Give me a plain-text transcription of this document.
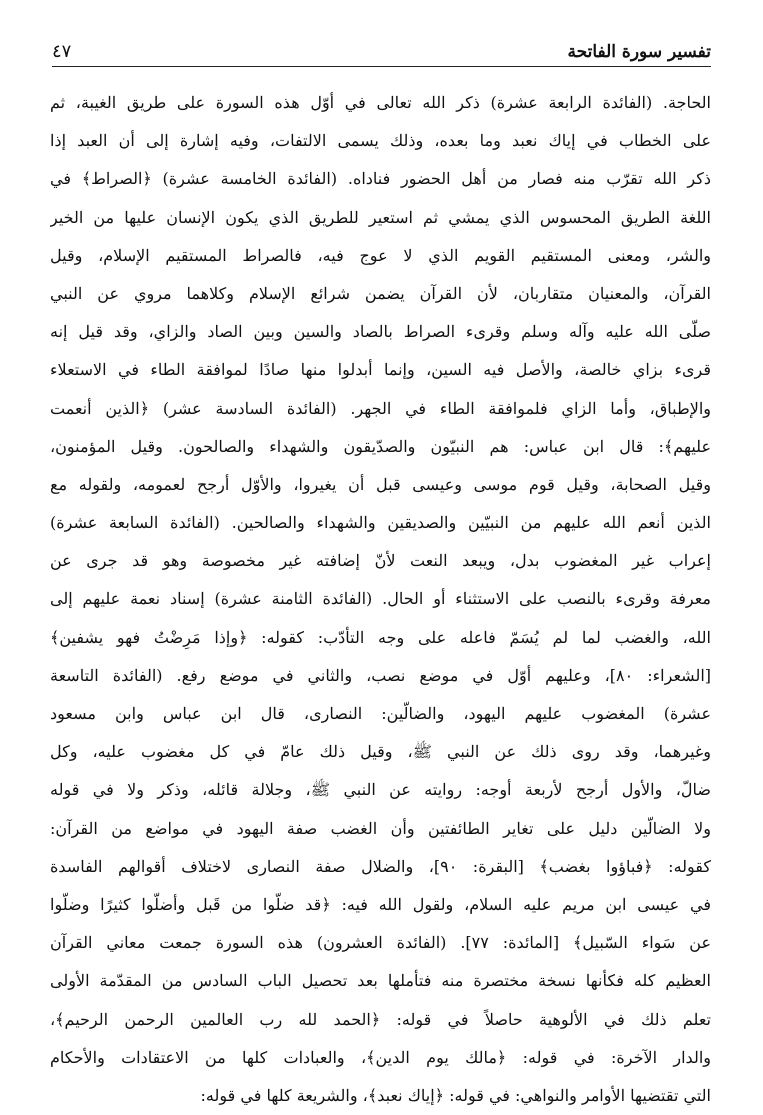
تفسير سورة الفاتحة
٤٧
الحاجة. (الفائدة الرابعة عشرة) ذكر الله تعالى في أوّل هذه السورة على طريق الغيبة، ثم
على الخطاب في إياك نعبد وما بعده، وذلك يسمى الالتفات، وفيه إشارة إلى أن العبد إذا
ذكر الله تقرّب منه فصار من أهل الحضور فناداه. (الفائدة الخامسة عشرة) ﴿الصراط﴾ في
اللغة الطريق المحسوس الذي يمشي ثم استعير للطريق الذي يكون الإنسان عليها من الخير
والشر، ومعنى المستقيم القويم الذي لا عوج فيه، فالصراط المستقيم الإسلام، وقيل
القرآن، والمعنيان متقاربان، لأن القرآن يضمن شرائع الإسلام وكلاهما مروي عن النبي
صلّى الله عليه وآله وسلم وقرىء الصراط بالصاد والسين وبين الصاد والزاي، وقد قيل إنه
قرىء بزاي خالصة، والأصل فيه السين، وإنما أبدلوا منها صادًا لموافقة الطاء في الاستعلاء
والإطباق، وأما الزاي فلموافقة الطاء في الجهر. (الفائدة السادسة عشر) ﴿الذين أنعمت
عليهم﴾: قال ابن عباس: هم النبيّون والصدّيقون والشهداء والصالحون. وقيل المؤمنون،
وقيل الصحابة، وقيل قوم موسى وعيسى قبل أن يغيروا، والأوّل أرجح لعمومه، ولقوله مع
الذين أنعم الله عليهم من النبيّين والصديقين والشهداء والصالحين. (الفائدة السابعة عشرة)
إعراب غير المغضوب بدل، ويبعد النعت لأنّ إضافته غير مخصوصة وهو قد جرى عن
معرفة وقرىء بالنصب على الاستثناء أو الحال. (الفائدة الثامنة عشرة) إسناد نعمة عليهم إلى
الله، والغضب لما لم يُسَمّ فاعله على وجه التأدّب: كقوله: ﴿وإذا مَرِضْتُ فهو يشفين﴾
[الشعراء: ٨٠]، وعليهم أوّل في موضع نصب، والثاني في موضع رفع. (الفائدة التاسعة
عشرة) المغضوب عليهم اليهود، والضالّين: النصارى، قال ابن عباس وابن مسعود
وغيرهما، وقد روى ذلك عن النبي ﷺ، وقيل ذلك عامّ في كل مغضوب عليه، وكل
ضالّ، والأول أرجح لأربعة أوجه: روايته عن النبي ﷺ، وجلالة قائله، وذكر ولا في قوله
ولا الضالّين دليل على تغاير الطائفتين وأن الغضب صفة اليهود في مواضع من القرآن:
كقوله: ﴿فباؤوا بغضب﴾ [البقرة: ٩٠]، والضلال صفة النصارى لاختلاف أقوالهم الفاسدة
في عيسى ابن مريم عليه السلام، ولقول الله فيه: ﴿قد ضلّوا من قَبل وأضلّوا كثيرًا وضلّوا
عن سَواء السّبيل﴾ [المائدة: ٧٧]. (الفائدة العشرون) هذه السورة جمعت معاني القرآن
العظيم كله فكأنها نسخة مختصرة منه فتأملها بعد تحصيل الباب السادس من المقدّمة الأولى
تعلم ذلك في الألوهية حاصلاً في قوله: ﴿الحمد لله رب العالمين الرحمن الرحيم﴾،
والدار الآخرة: في قوله: ﴿مالك يوم الدين﴾، والعبادات كلها من الاعتقادات والأحكام
التي تقتضيها الأوامر والنواهي: في قوله: ﴿إياك نعبد﴾، والشريعة كلها في قوله:
